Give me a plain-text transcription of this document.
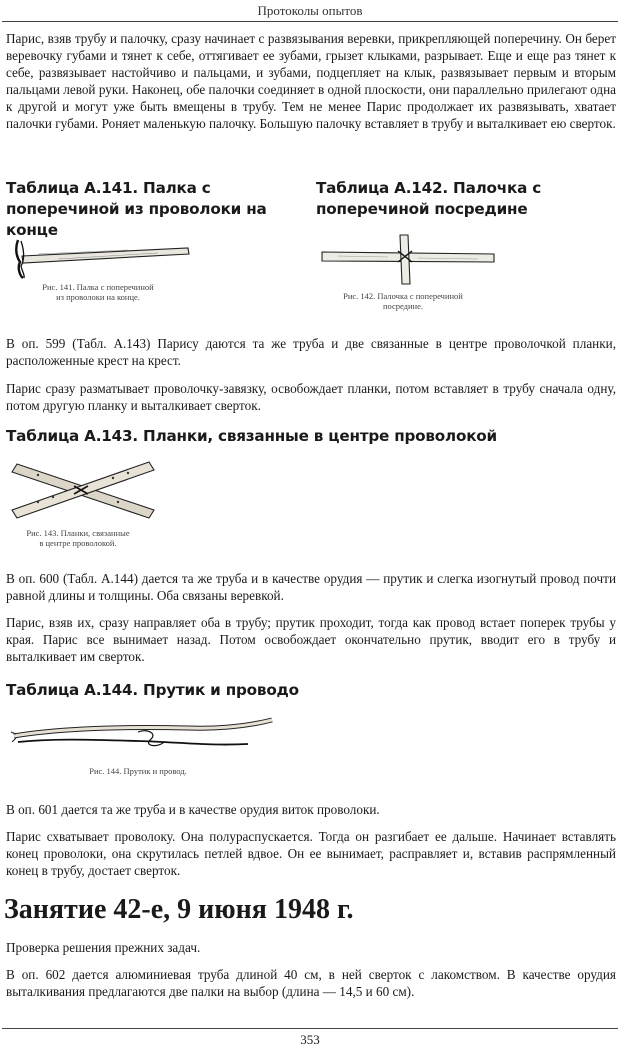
Протоколы опытов
Парис, взяв трубу и палочку, сразу начинает с развязывания веревки, прикрепляющей поперечину. Он берет веревочку губами и тянет к себе, оттягивает ее зубами, грызет клыками, разрывает. Еще и еще раз тянет к себе, развязывает настойчиво и пальцами, и зубами, подцепляет на клык, развязывает первым и вторым пальцами левой руки. Наконец, обе палочки соединяет в одной плоскости, они параллельно прилегают одна к другой и могут уже быть вмещены в трубу. Тем не менее Парис продолжает их развязывать, хватает палочки губами. Роняет маленькую палочку. Большую палочку вставляет в трубу и выталкивает ею сверток.
Таблица А.141. Палка с поперечиной из проволоки на конце
Таблица А.142. Палочка с поперечиной посредине
Рис. 141. Палка с поперечиной
из проволоки на конце.	Рис. 142. Палочка с поперечиной
посредине.
В оп. 599 (Табл. А.143) Парису даются та же труба и две связанные в центре проволочкой планки, расположенные крест на крест.
Парис сразу разматывает проволочку-завязку, освобождает планки, потом вставляет в трубу сначала одну, потом другую планку и выталкивает сверток.
Таблица А.143. Планки, связанные в центре проволокой
Рис. 143. Планки, связанные
в центре проволокой.
В оп. 600 (Табл. А.144) дается та же труба и в качестве орудия — прутик и слегка изогнутый провод почти равной длины и толщины. Оба связаны веревкой.
Парис, взяв их, сразу направляет оба в трубу; прутик проходит, тогда как провод встает поперек трубы у края. Парис все вынимает назад. Потом освобождает окончательно прутик, вводит его в трубу и выталкивает им сверток.
Таблица А.144. Прутик и проводо
Рис. 144. Прутик и провод.
В оп. 601 дается та же труба и в качестве орудия виток проволоки.
Парис схватывает проволоку. Она полураспускается. Тогда он разгибает ее дальше. Начинает вставлять конец проволоки, она скрутилась петлей вдвое. Он ее вынимает, расправляет и, вставив распрямленный конец в трубу, достает сверток.
Занятие 42-е, 9 июня 1948 г.
Проверка решения прежних задач.
В оп. 602 дается алюминиевая труба длиной 40 см, в ней сверток с лакомством. В качестве орудия выталкивания предлагаются две палки на выбор (длина — 14,5 и 60 см).
353
